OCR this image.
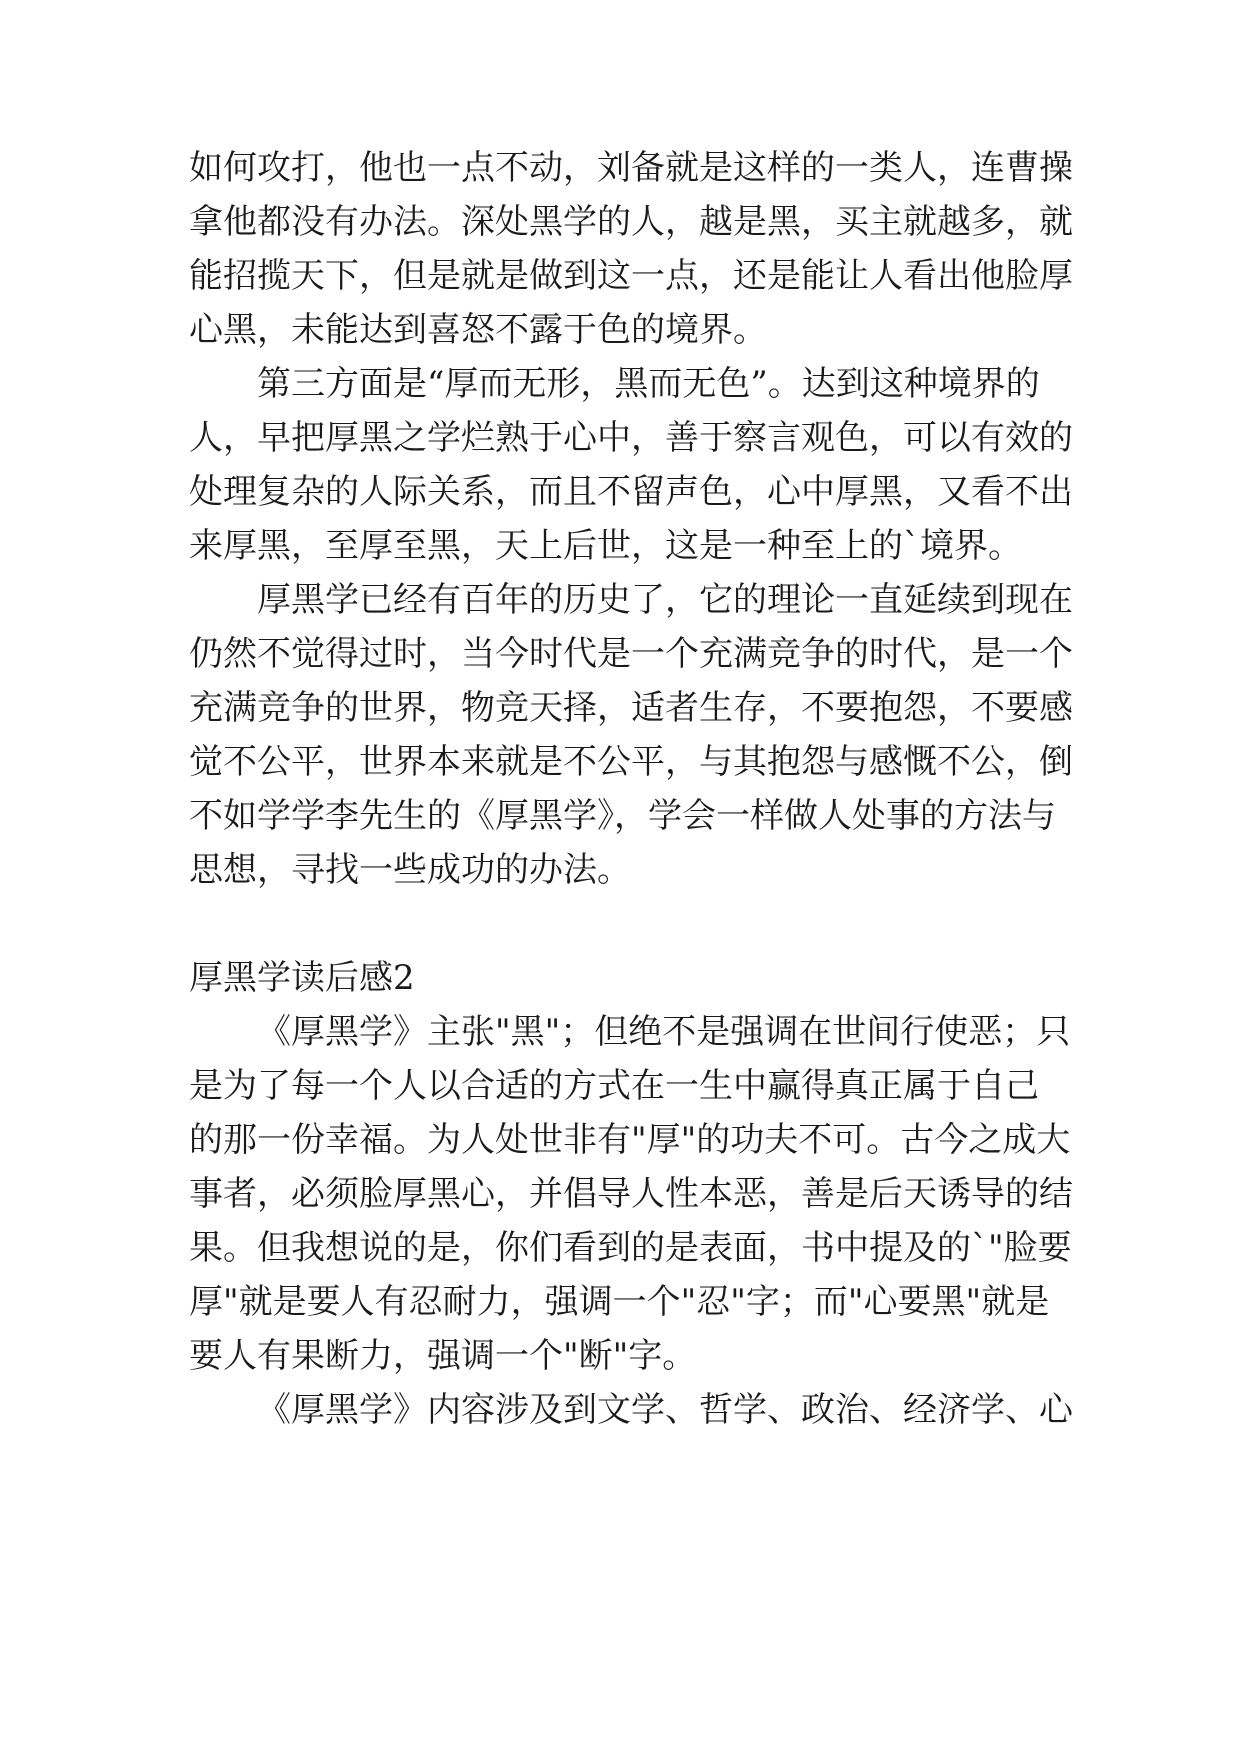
如何攻打，他也一点不动，刘备就是这样的一类人，连曹操
拿他都没有办法。深处黑学的人，越是黑，买主就越多，就
能招揽天下，但是就是做到这一点，还是能让人看出他脸厚
心黑，未能达到喜怒不露于色的境界。
第三方面是“厚而无形，黑而无色”。达到这种境界的
人，早把厚黑之学烂熟于心中，善于察言观色，可以有效的
处理复杂的人际关系，而且不留声色，心中厚黑，又看不出
来厚黑，至厚至黑，天上后世，这是一种至上的`境界。
厚黑学已经有百年的历史了，它的理论一直延续到现在
仍然不觉得过时，当今时代是一个充满竞争的时代，是一个
充满竞争的世界，物竞天择，适者生存，不要抱怨，不要感
觉不公平，世界本来就是不公平，与其抱怨与感慨不公，倒
不如学学李先生的《厚黑学》，学会一样做人处事的方法与
思想，寻找一些成功的办法。
厚黑学读后感2
《厚黑学》主张"黑"；但绝不是强调在世间行使恶；只
是为了每一个人以合适的方式在一生中赢得真正属于自己
的那一份幸福。为人处世非有"厚"的功夫不可。古今之成大
事者，必须脸厚黑心，并倡导人性本恶，善是后天诱导的结
果。但我想说的是，你们看到的是表面，书中提及的`"脸要
厚"就是要人有忍耐力，强调一个"忍"字；而"心要黑"就是
要人有果断力，强调一个"断"字。
《厚黑学》内容涉及到文学、哲学、政治、经济学、心
